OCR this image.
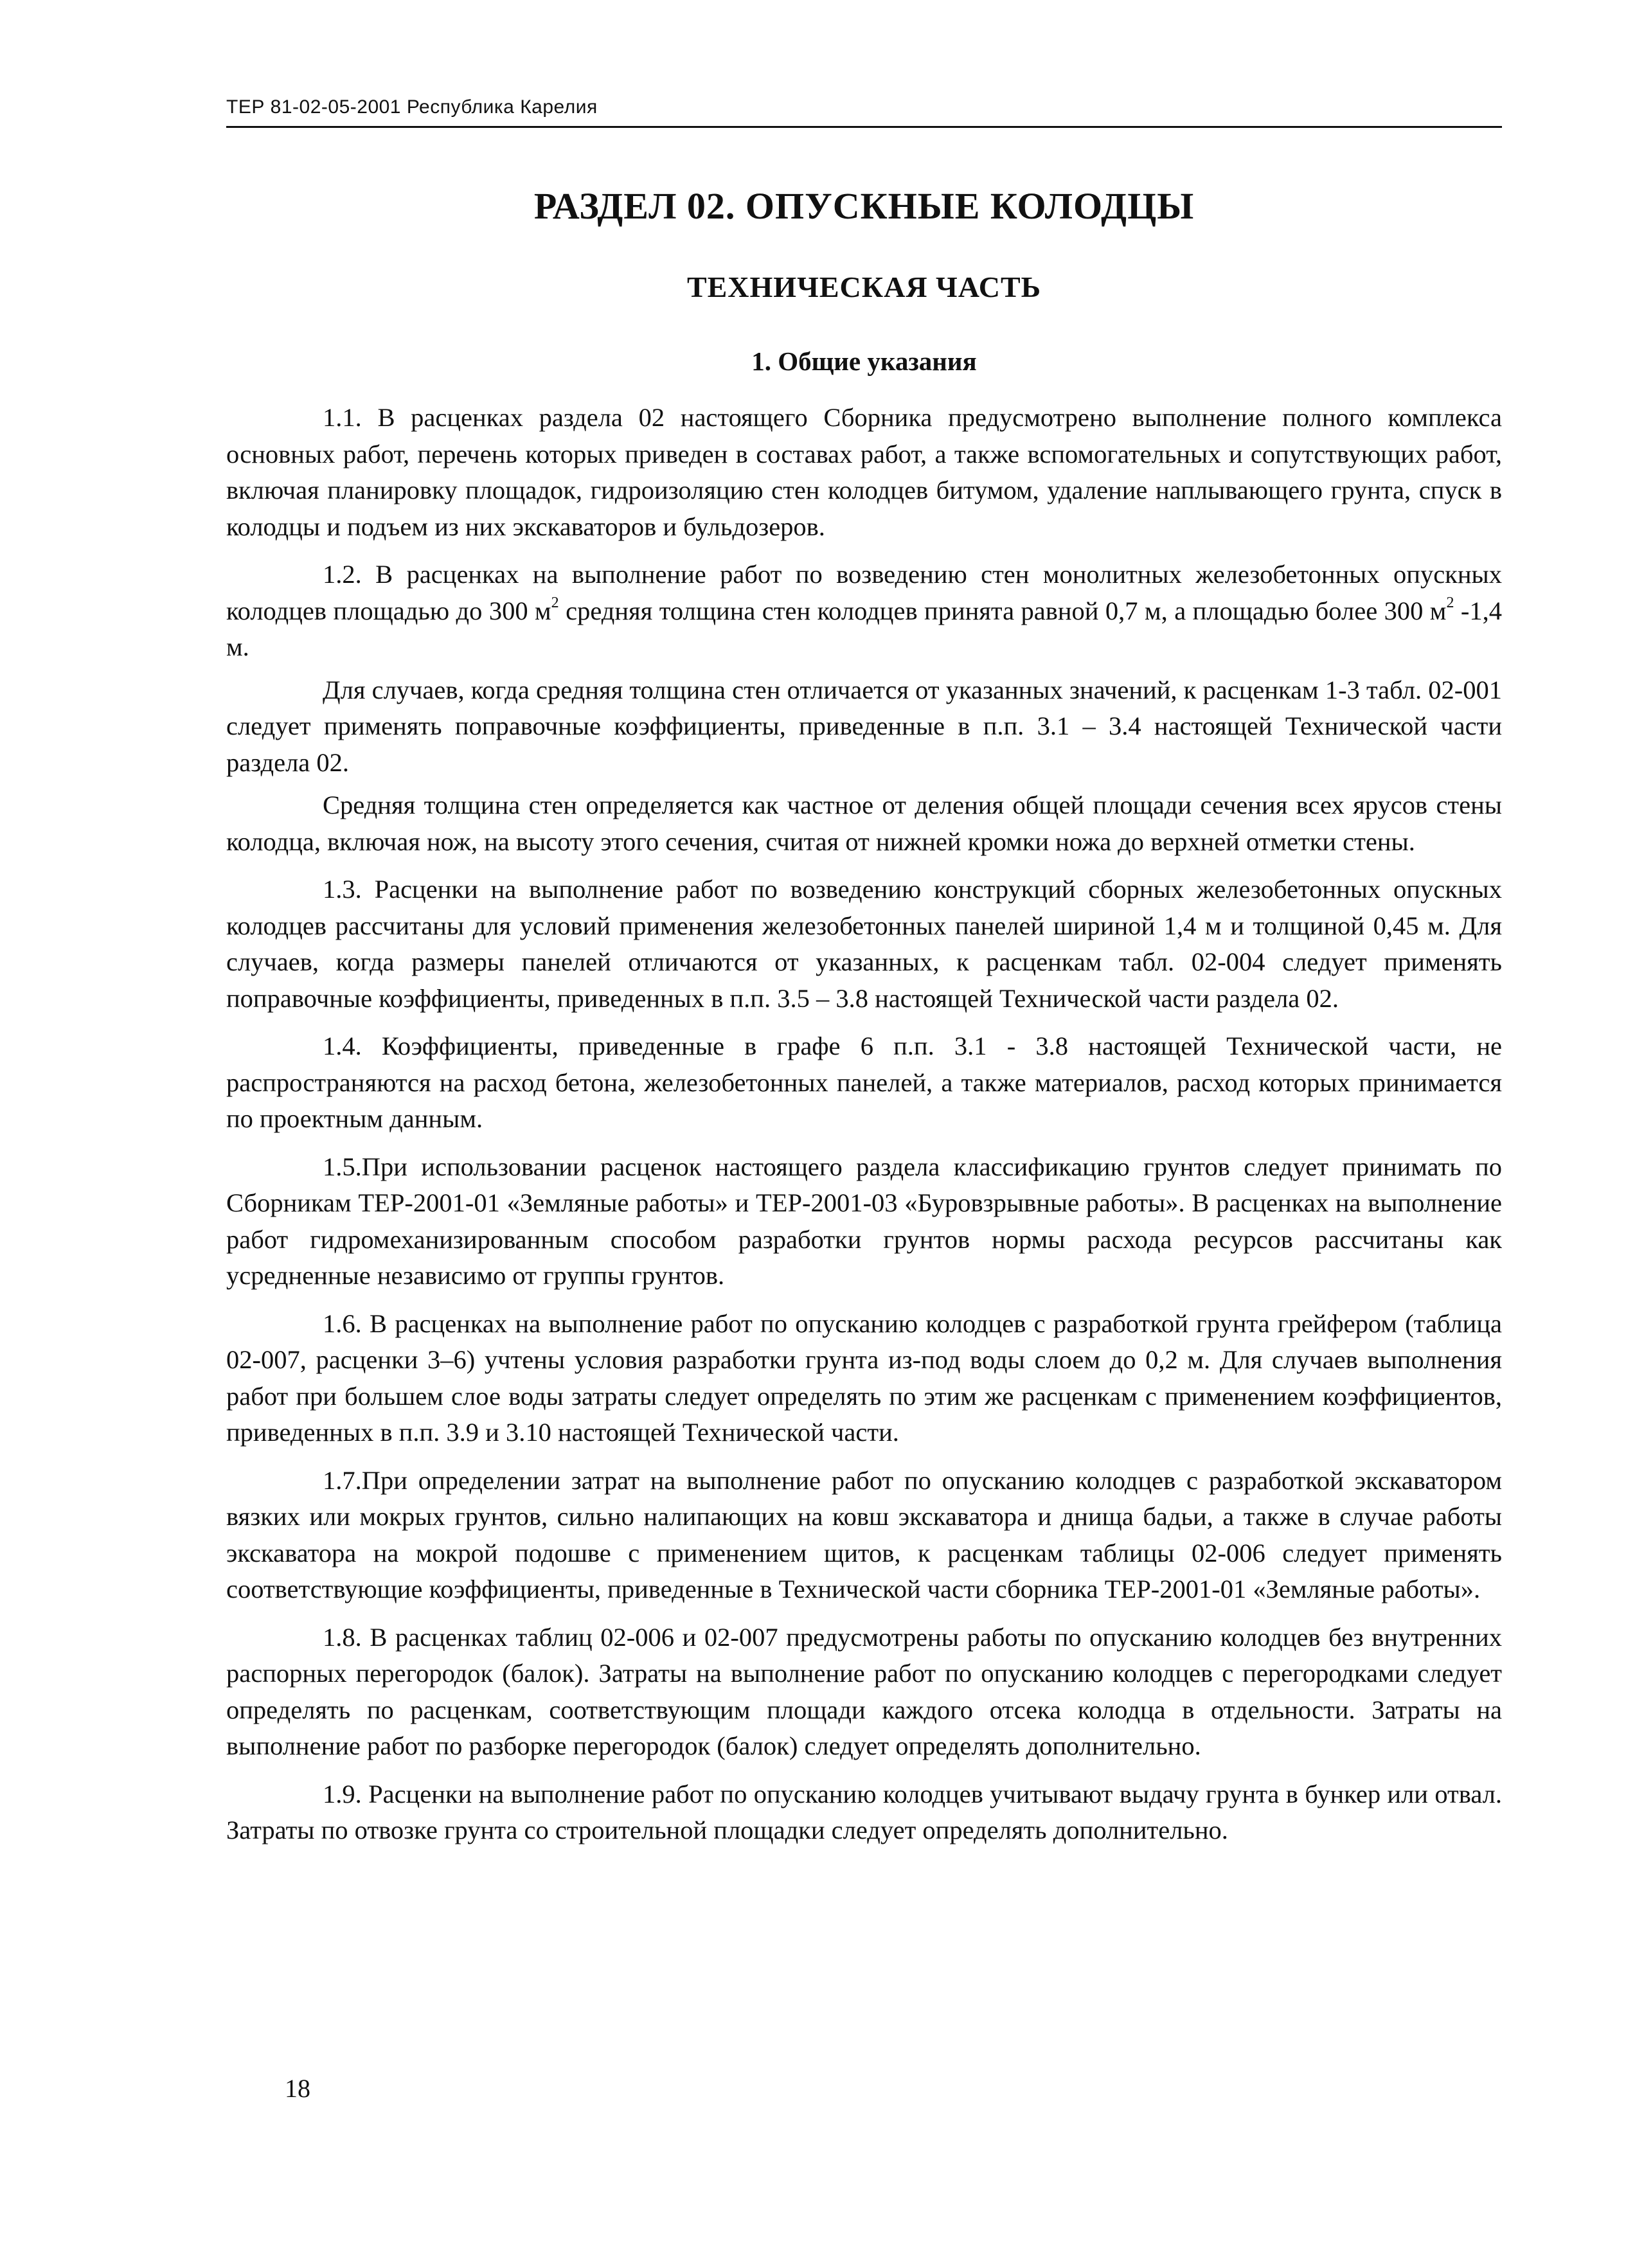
ТЕР 81-02-05-2001 Республика Карелия
РАЗДЕЛ 02. ОПУСКНЫЕ КОЛОДЦЫ
ТЕХНИЧЕСКАЯ ЧАСТЬ
1. Общие указания

1.1. В расценках раздела 02 настоящего Сборника предусмотрено выполнение полного комплекса основных работ, перечень которых приведен в составах работ, а также вспомогательных и сопутствующих работ, включая планировку площадок, гидроизоляцию стен колодцев битумом, удаление наплывающего грунта, спуск в колодцы и подъем из них экскаваторов и бульдозеров.

1.2. В расценках на выполнение работ по возведению стен монолитных железобетонных опускных колодцев площадью до 300 $м^2$ средняя толщина стен колодцев принята равной 0,7 м, а площадью более 300 $м^2$ -1,4 м.

Для случаев, когда средняя толщина стен отличается от указанных значений, к расценкам 1-3 табл. 02-001 следует применять поправочные коэффициенты, приведенные в п.п. 3.1 – 3.4 настоящей Технической части раздела 02.

Средняя толщина стен определяется как частное от деления общей площади сечения всех ярусов стены колодца, включая нож, на высоту этого сечения, считая от нижней кромки ножа до верхней отметки стены.

1.3. Расценки на выполнение работ по возведению конструкций сборных железобетонных опускных колодцев рассчитаны для условий применения железобетонных панелей шириной 1,4 м и толщиной 0,45 м. Для случаев, когда размеры панелей отличаются от указанных, к расценкам табл. 02-004 следует применять поправочные коэффициенты, приведенных в п.п. 3.5 – 3.8 настоящей Технической части раздела 02.

1.4. Коэффициенты, приведенные в графе 6 п.п. 3.1 - 3.8 настоящей Технической части, не распространяются на расход бетона, железобетонных панелей, а также материалов, расход которых принимается по проектным данным.

1.5.При использовании расценок настоящего раздела классификацию грунтов следует принимать по Сборникам ТЕР-2001-01 «Земляные работы» и ТЕР-2001-03 «Буровзрывные работы». В расценках на выполнение работ гидромеханизированным способом разработки грунтов нормы расхода ресурсов рассчитаны как усредненные независимо от группы грунтов.

1.6. В расценках на выполнение работ по опусканию колодцев с разработкой грунта грейфером (таблица 02-007, расценки 3–6) учтены условия разработки грунта из-под воды слоем до 0,2 м. Для случаев выполнения работ при большем слое воды затраты следует определять по этим же расценкам с применением коэффициентов, приведенных в п.п. 3.9 и 3.10 настоящей Технической части.

1.7.При определении затрат на выполнение работ по опусканию колодцев с разработкой экскаватором вязких или мокрых грунтов, сильно налипающих на ковш экскаватора и днища бадьи, а также в случае работы экскаватора на мокрой подошве с применением щитов, к расценкам таблицы 02-006 следует применять соответствующие коэффициенты, приведенные в Технической части сборника ТЕР-2001-01 «Земляные работы».

1.8. В расценках таблиц 02-006 и 02-007 предусмотрены работы по опусканию колодцев без внутренних распорных перегородок (балок). Затраты на выполнение работ по опусканию колодцев с перегородками следует определять по расценкам, соответствующим площади каждого отсека колодца в отдельности. Затраты на выполнение работ по разборке перегородок (балок) следует определять дополнительно.

1.9. Расценки на выполнение работ по опусканию колодцев учитывают выдачу грунта в бункер или отвал. Затраты по отвозке грунта со строительной площадки следует определять дополнительно.

18
